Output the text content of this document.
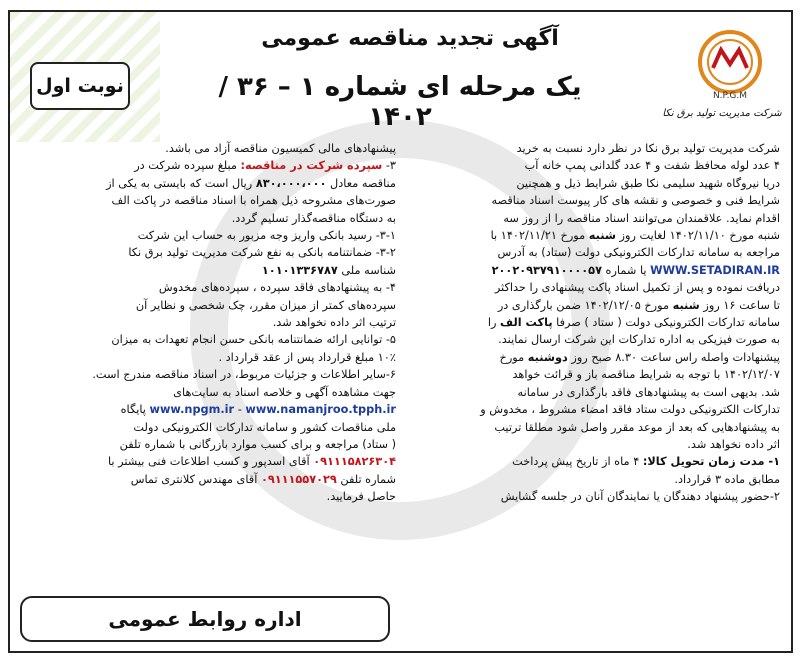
نوبت اول
آگهی تجدید مناقصه عمومی
یک مرحله ای شماره ۱ – ۳۶ / ۱۴۰۲
N.P.G.M
شرکت مدیریت تولید برق نکا

شرکت مدیریت تولید برق نکا در نظر دارد نسبت به خرید

۴ عدد لوله محافظ شفت و ۴ عدد گلدانی پمپ خانه آب

دریا نیروگاه شهید سلیمی نکا طبق شرایط ذیل و همچنین

شرایط فنی و خصوصی و نقشه های کار پیوست اسناد مناقصه

اقدام نماید. علاقمندان می‌توانند اسناد مناقصه را از روز سه

شنبه مورخ ۱۴۰۲/۱۱/۱۰ لغایت روز شنبه مورخ ۱۴۰۲/۱۱/۲۱ با

مراجعه به سامانه تدارکات الکترونیکی دولت (ستاد) به آدرس

WWW.SETADIRAN.IR یا شماره ۲۰۰۲۰۹۳۷۹۱۰۰۰۰۵۷

دریافت نموده و پس از تکمیل اسناد پاکت پیشنهادی را حداکثر

تا ساعت ۱۶ روز شنبه مورخ ۱۴۰۲/۱۲/۰۵ ضمن بارگذاری در

سامانه تدارکات الکترونیکی دولت ( ستاد ) صرفا پاکت الف را

به صورت فیزیکی به اداره تدارکات این شرکت ارسال نمایند.

پیشنهادات واصله راس ساعت ۸.۳۰ صبح روز دوشنبه مورخ

۱۴۰۲/۱۲/۰۷ با توجه به شرایط مناقصه باز و قرائت خواهد

شد. بدیهی است به پیشنهادهای فاقد بارگذاری در سامانه

تدارکات الکترونیکی دولت ستاد فاقد امضاء مشروط ، مخدوش و

به پیشنهادهایی که بعد از موعد مقرر واصل شود مطلقا ترتیب

اثر داده نخواهد شد.

۱- مدت زمان تحویل کالا: ۴ ماه از تاریخ پیش پرداخت

مطابق ماده ۳ قرارداد.

۲-حضور پیشنهاد دهندگان یا نمایندگان آنان در جلسه گشایش

پیشنهادهای مالی کمیسیون مناقصه آزاد می باشد.

۳- سپرده شرکت در مناقصه: مبلغ سپرده شرکت در

مناقصه معادل ۸۳۰،۰۰۰،۰۰۰ ریال است که بایستی به یکی از

صورت‌های مشروحه ذیل همراه با اسناد مناقصه در پاکت الف

به دستگاه مناقصه‌گذار تسلیم گردد.

۳-۱- رسید بانکی واریز وجه مزبور به حساب این شرکت

۳-۲- ضمانتنامه بانکی به نفع شرکت مدیریت تولید برق نکا

شناسه ملی ۱۰۱۰۱۳۳۶۷۸۷

۴- به پیشنهادهای فاقد سپرده ، سپرده‌های مخدوش

سپرده‌های کمتر از میزان مقرر، چک شخصی و نظایر آن

ترتیب اثر داده نخواهد شد.

۵- توانایی ارائه ضمانتنامه بانکی حسن انجام تعهدات به میزان

۱۰٪ مبلغ قرارداد پس از عقد قرارداد .

۶-سایر اطلاعات و جزئیات مربوط، در اسناد مناقصه مندرج است.

جهت مشاهده آگهی و خلاصه اسناد به سایت‌های

www.npgm.ir - www.namanjroo.tpph.ir پایگاه

ملی مناقصات کشور و سامانه تدارکات الکترونیکی دولت

( ستاد) مراجعه و برای کسب موارد بازرگانی با شماره تلفن

۰۹۱۱۱۵۸۲۶۳۰۴ آقای اسدپور و کسب اطلاعات فنی بیشتر با

شماره تلفن ۰۹۱۱۱۵۵۷۰۲۹ آقای مهندس کلانتری تماس

حاصل فرمایید.

اداره روابط عمومی
